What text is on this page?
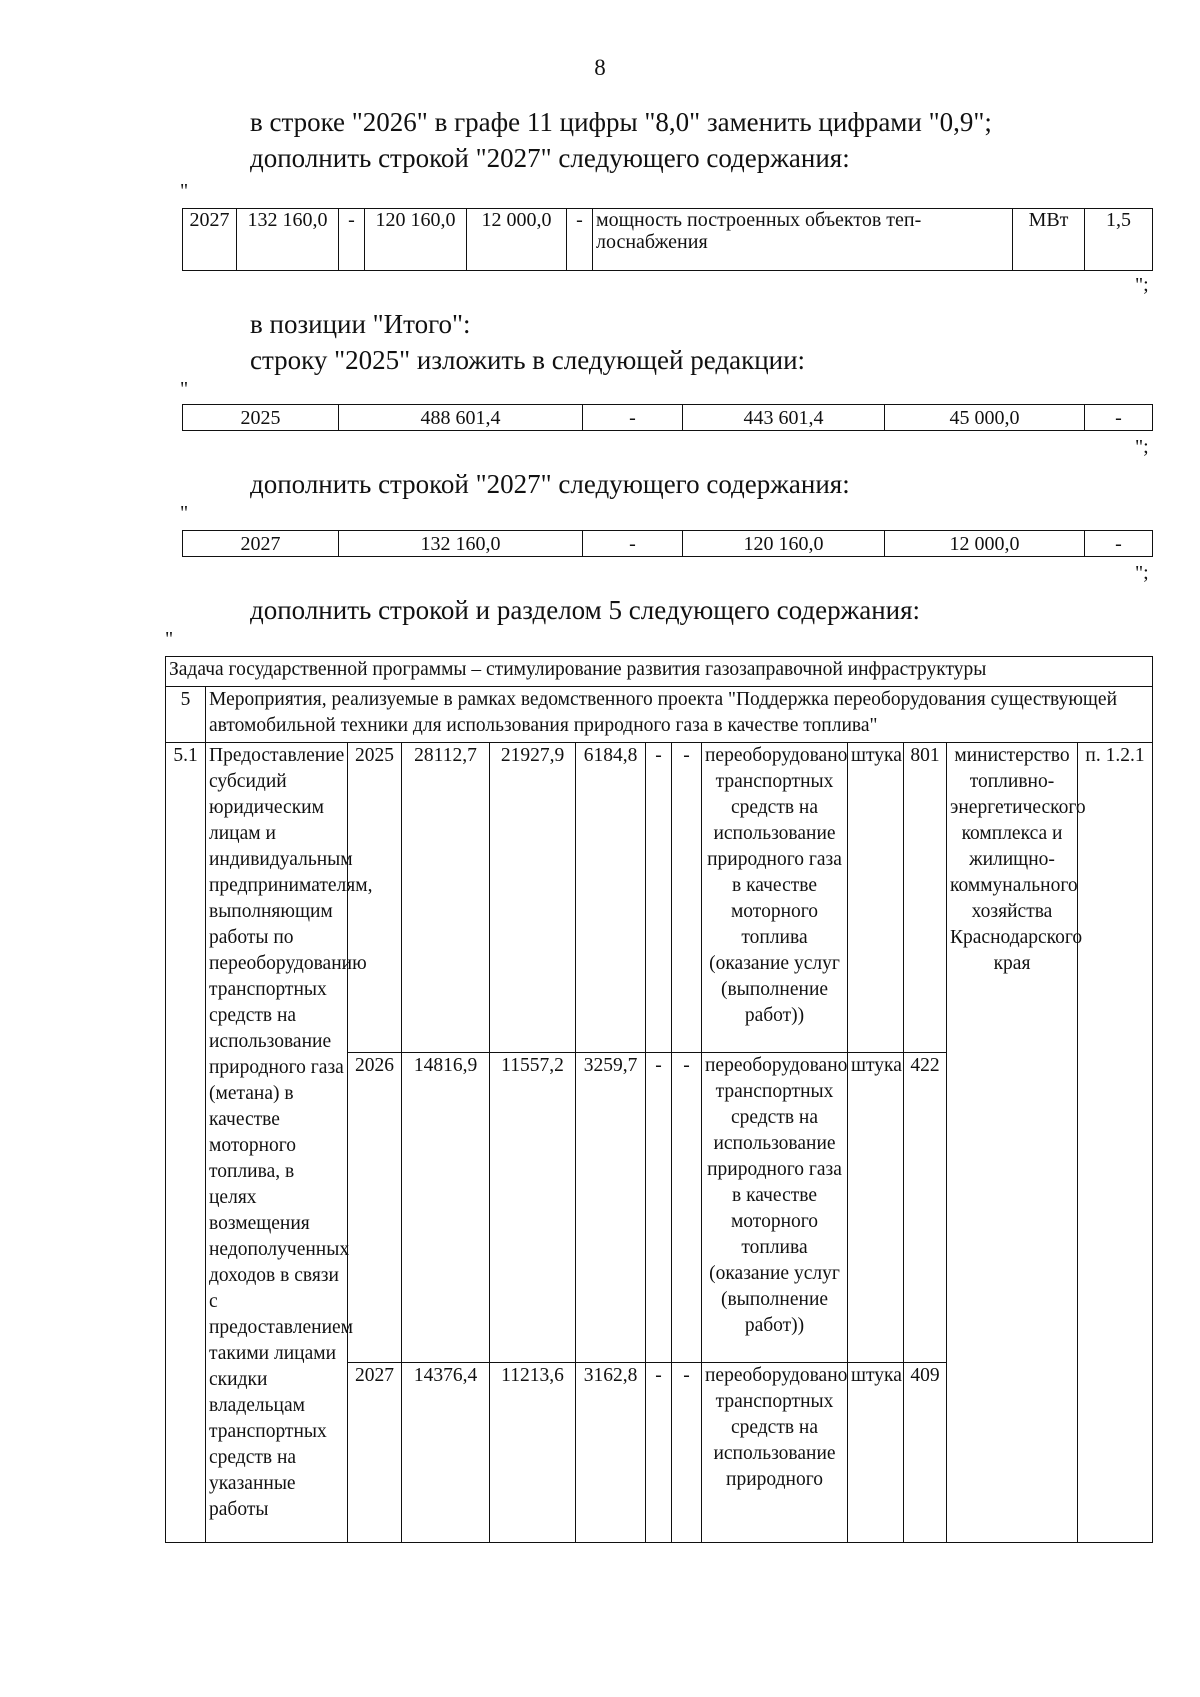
8
в строке "2026" в графе 11 цифры "8,0" заменить цифрами "0,9";
дополнить строкой "2027" следующего содержания:
"
2027	132 160,0	-	120 160,0	12 000,0	-	мощность построенных объектов теп-лоснабжения	МВт	1,5
";
в позиции "Итого":
строку "2025" изложить в следующей редакции:
"
2025	488 601,4	-	443 601,4	45 000,0	-
";
дополнить строкой "2027" следующего содержания:
"
2027	132 160,0	-	120 160,0	12 000,0	-
";
дополнить строкой и разделом 5 следующего содержания:
"
Задача государственной программы – стимулирование развития газозаправочной инфраструктуры												
5	Мероприятия, реализуемые в рамках ведомственного проекта "Поддержка переоборудования существующей автомобильной техники для использования природного газа в качестве топлива"											
5.1	Предоставление субсидий юридическим лицам и индивидуальным предпринимателям, выполняющим работы по переоборудованию транспортных средств на использование природного газа (метана) в качестве моторного топлива, в целях возмещения недополученных доходов в связи с предоставлением такими лицами скидки владельцам транспортных средств на указанные работы	2025	28112,7	21927,9	6184,8	-	-	переоборудовано транспортных средств на использование природного газа в качестве моторного топлива (оказание услуг (выполнение работ))	штука	801	министерство топливно-энергетического комплекса и жилищно-коммунального хозяйства Краснодарского края	п. 1.2.1
		2026	14816,9	11557,2	3259,7	-	-	переоборудовано транспортных средств на использование природного газа в качестве моторного топлива (оказание услуг (выполнение работ))	штука	422		
		2027	14376,4	11213,6	3162,8	-	-	переоборудовано транспортных средств на использование природного	штука	409		
